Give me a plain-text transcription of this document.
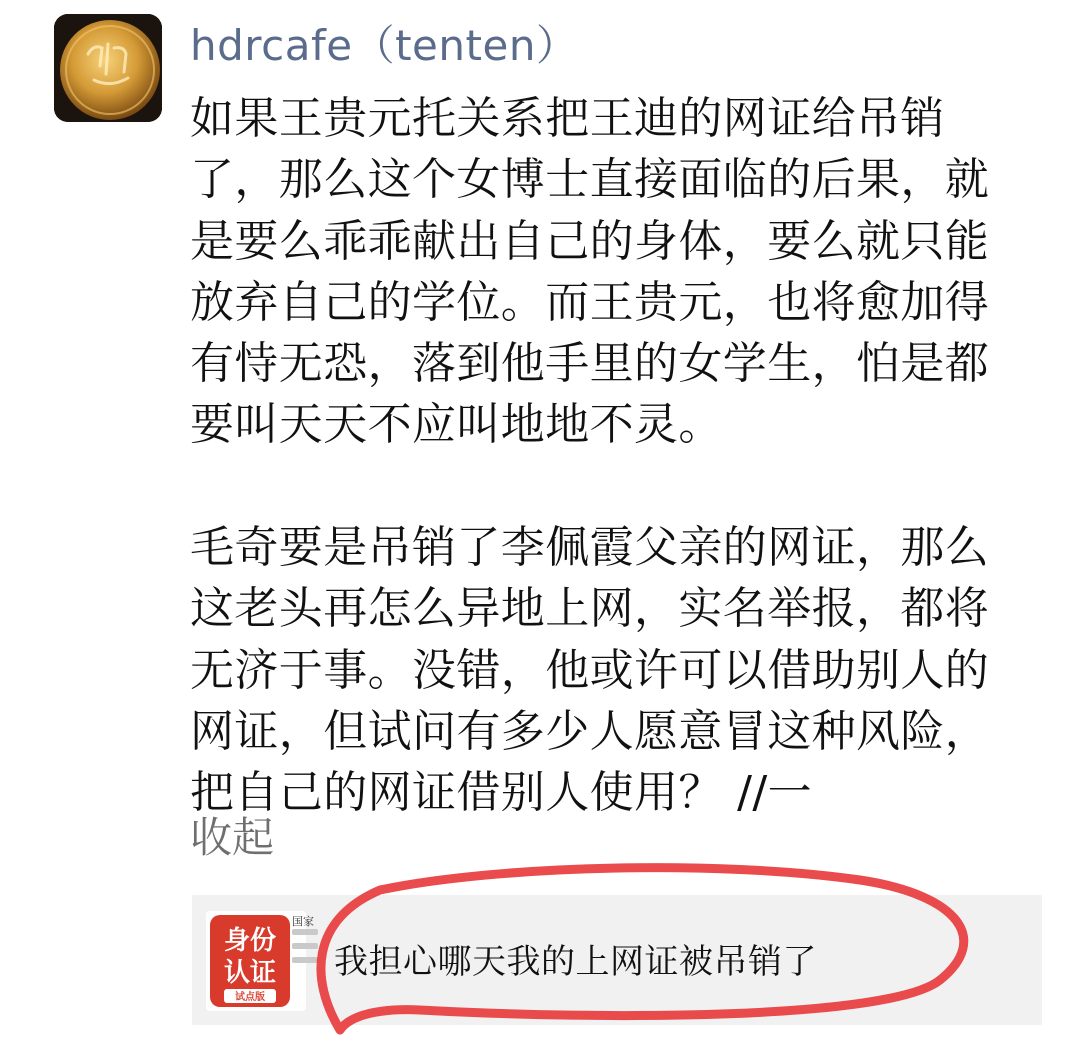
hdrcafe（tenten）

如果王贵元托关系把王迪的网证给吊销
了，那么这个女博士直接面临的后果，就
是要么乖乖献出自己的身体，要么就只能
放弃自己的学位。而王贵元，也将愈加得
有恃无恐，落到他手里的女学生，怕是都
要叫天天不应叫地地不灵。

毛奇要是吊销了李佩霞父亲的网证，那么
这老头再怎么异地上网，实名举报，都将
无济于事。没错，他或许可以借助别人的
网证，但试问有多少人愿意冒这种风险，
把自己的网证借别人使用？ //一

收起
身份
认证
试点版
国家
我担心哪天我的上网证被吊销了
